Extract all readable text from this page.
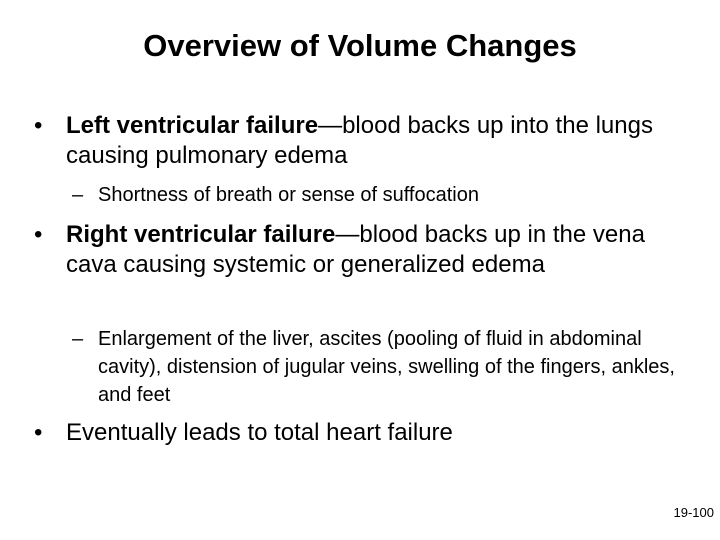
Overview of Volume Changes
• Left ventricular failure—blood backs up into the lungs causing pulmonary edema
– Shortness of breath or sense of suffocation
• Right ventricular failure—blood backs up in the vena cava causing systemic or generalized edema
– Enlargement of the liver, ascites (pooling of fluid in abdominal cavity), distension of jugular veins, swelling of the fingers, ankles, and feet
• Eventually leads to total heart failure
19-100
